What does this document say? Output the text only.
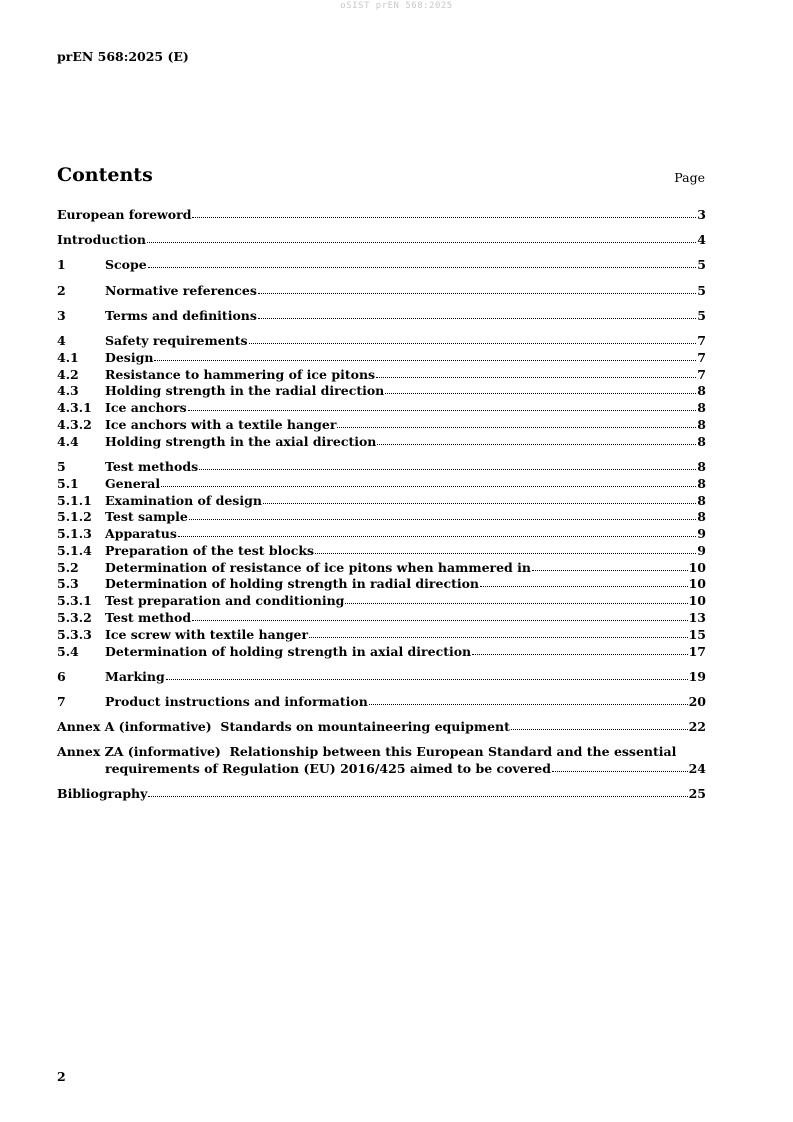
oSIST prEN 568:2025
prEN 568:2025 (E)
Contents	Page
European foreword	3
Introduction	4
1	Scope	5
2	Normative references	5
3	Terms and definitions	5
4	Safety requirements	7
4.1	Design	7
4.2	Resistance to hammering of ice pitons	7
4.3	Holding strength in the radial direction	8
4.3.1	Ice anchors	8
4.3.2	Ice anchors with a textile hanger	8
4.4	Holding strength in the axial direction	8
5	Test methods	8
5.1	General	8
5.1.1	Examination of design	8
5.1.2	Test sample	8
5.1.3	Apparatus	9
5.1.4	Preparation of the test blocks	9
5.2	Determination of resistance of ice pitons when hammered in	10
5.3	Determination of holding strength in radial direction	10
5.3.1	Test preparation and conditioning	10
5.3.2	Test method	13
5.3.3	Ice screw with textile hanger	15
5.4	Determination of holding strength in axial direction	17
6	Marking	19
7	Product instructions and information	20
Annex A (informative)  Standards on mountaineering equipment	22
Annex ZA (informative)  Relationship between this European Standard and the essential
requirements of Regulation (EU) 2016/425 aimed to be covered	24
Bibliography	25
2
